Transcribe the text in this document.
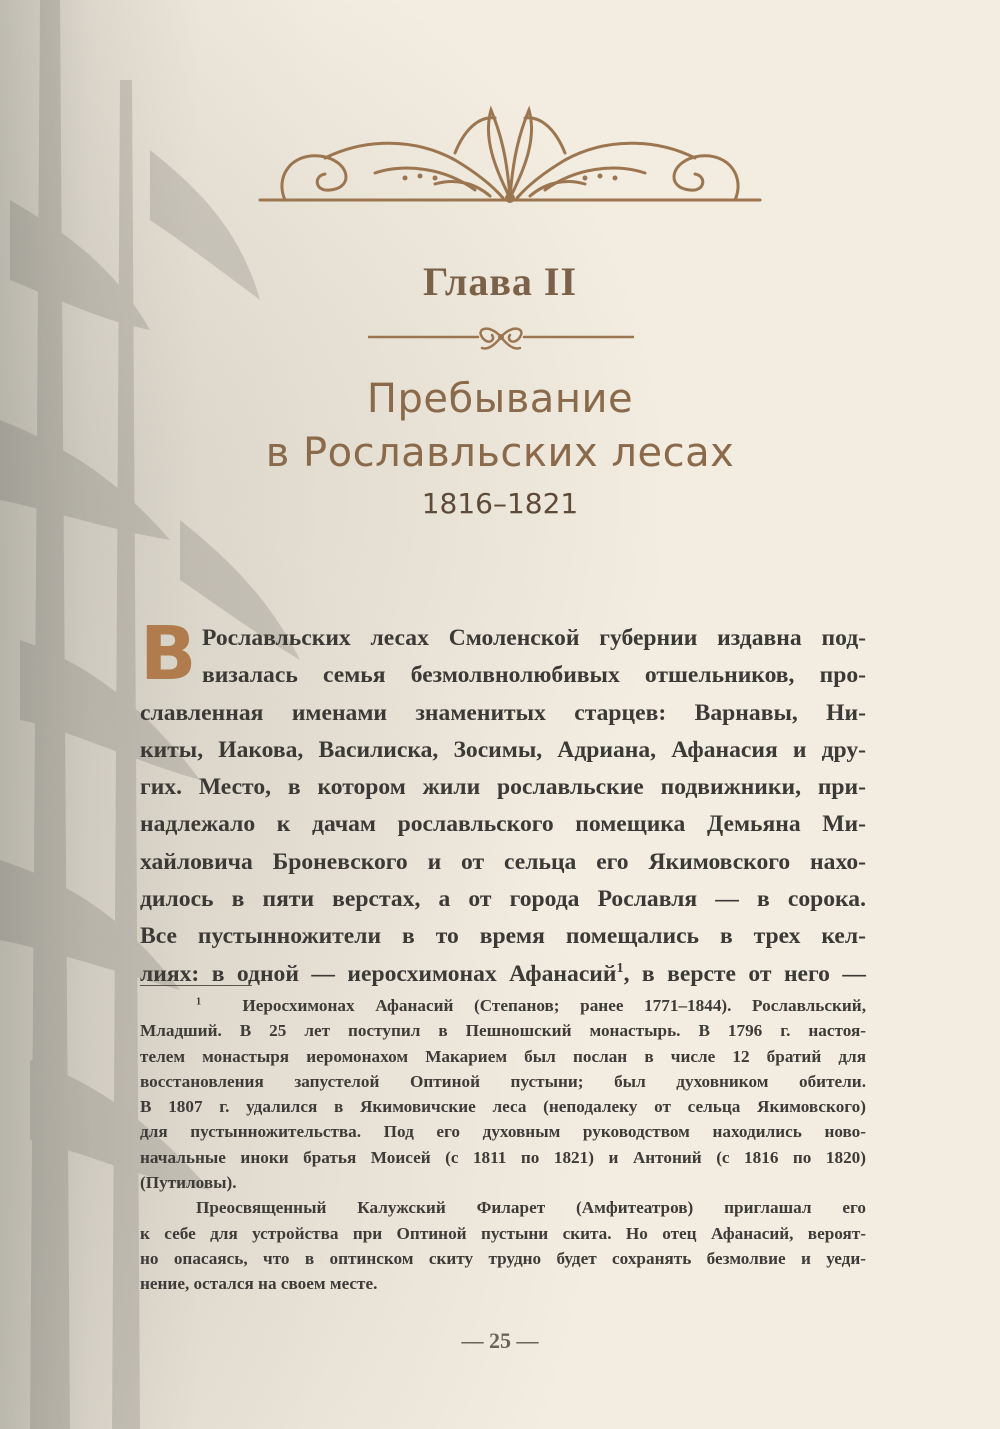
Глава II
Пребывание
в Рославльских лесах
1816–1821
В Рославльских лесах Смоленской губернии издавна под-
визалась семья безмолвнолюбивых отшельников, про-
славленная именами знаменитых старцев: Варнавы, Ни-
киты, Иакова, Василиска, Зосимы, Адриана, Афанасия и дру-
гих. Место, в котором жили рославльские подвижники, при-
надлежало к дачам рославльского помещика Демьяна Ми-
хайловича Броневского и от сельца его Якимовского нахо-
дилось в пяти верстах, а от города Рославля — в сорока.
Все пустынножители в то время помещались в трех кел-
лиях: в одной — иеросхимонах Афанасий$^1$, в версте от него —
$^1$ Иеросхимонах Афанасий (Степанов; ранее 1771–1844). Рославльский,
Младший. В 25 лет поступил в Пешношский монастырь. В 1796 г. настоя-
телем монастыря иеромонахом Макарием был послан в числе 12 братий для
восстановления запустелой Оптиной пустыни; был духовником обители.
В 1807 г. удалился в Якимовичские леса (неподалеку от сельца Якимовского)
для пустынножительства. Под его духовным руководством находились ново-
начальные иноки братья Моисей (с 1811 по 1821) и Антоний (с 1816 по 1820)
(Путиловы).
Преосвященный Калужский Филарет (Амфитеатров) приглашал его
к себе для устройства при Оптиной пустыни скита. Но отец Афанасий, вероят-
но опасаясь, что в оптинском скиту трудно будет сохранять безмолвие и уеди-
нение, остался на своем месте.
— 25 —
